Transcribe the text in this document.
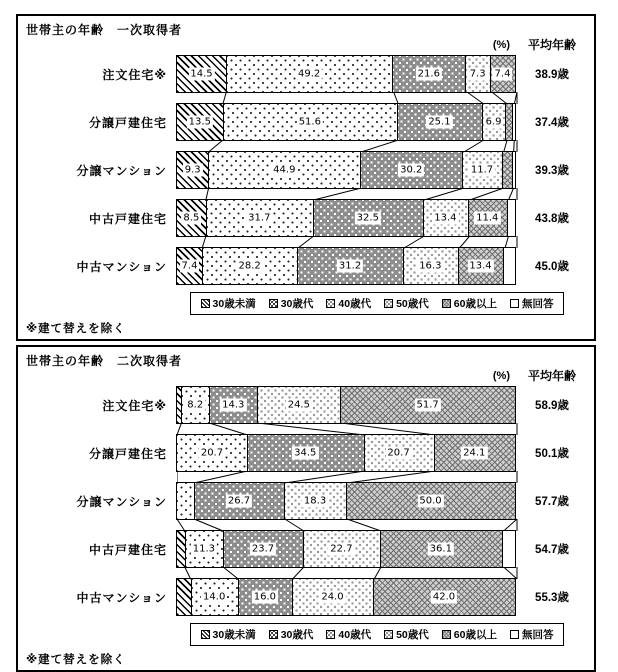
世帯主の年齢　一次取得者
(%)	平均年齢
注文住宅※	14.5	49.2	21.6	7.3 7.4	38.9歳
分譲戸建住宅	13.5	51.6	25.1	6.9	37.4歳
分譲マンション	9.3	44.9	30.2	11.7	39.3歳
中古戸建住宅	8.5	31.7	32.5	13.4 11.4	43.8歳
中古マンション	7.4	28.2	31.2	16.3	13.4	45.0歳
30歳未満 30歳代 40歳代 50歳代 60歳以上 無回答
※建て替えを除く
世帯主の年齢　二次取得者
(%)	平均年齢
注文住宅※	8.2 14.3	24.5	51.7	58.9歳
分譲戸建住宅	20.7	34.5	20.7	24.1	50.1歳
分譲マンション	26.7	18.3	50.0	57.7歳
中古戸建住宅	11.3	23.7	22.7	36.1	54.7歳
中古マンション	14.0	16.0	24.0	42.0	55.3歳
30歳未満 30歳代 40歳代 50歳代 60歳以上 無回答
※建て替えを除く
